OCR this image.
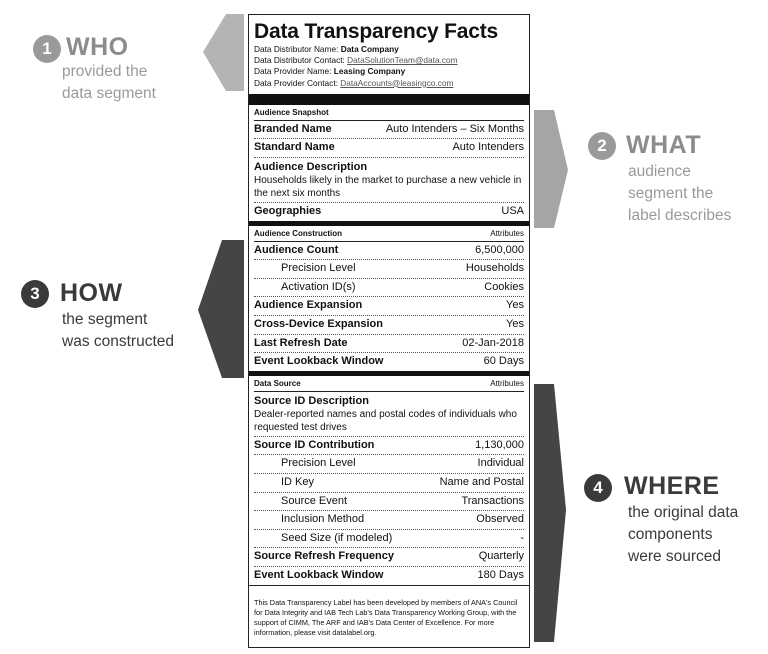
1 WHO
provided the
data segment
2 WHAT
audience
segment the
label describes
3 HOW
the segment
was constructed
4 WHERE
the original data
components
were sourced
Data Transparency Facts
Data Distributor Name: Data Company
Data Distributor Contact: DataSolutionTeam@data.com
Data Provider Name: Leasing Company
Data Provider Contact: DataAccounts@leasingco.com
Audience Snapshot
Branded Name	Auto Intenders – Six Months
Standard Name	Auto Intenders
Audience Description
Households likely in the market to purchase a new vehicle in the next six months
Geographies	USA
Audience Construction	Attributes
Audience Count	6,500,000
Precision Level	Households
Activation ID(s)	Cookies
Audience Expansion	Yes
Cross-Device Expansion	Yes
Last Refresh Date	02-Jan-2018
Event Lookback Window	60 Days
Data Source	Attributes
Source ID Description
Dealer-reported names and postal codes of individuals who requested test drives
Source ID Contribution	1,130,000
Precision Level	Individual
ID Key	Name and Postal
Source Event	Transactions
Inclusion Method	Observed
Seed Size (if modeled)	-
Source Refresh Frequency	Quarterly
Event Lookback Window	180 Days
This Data Transparency Label has been developed by members of ANA's Council for Data Integrity and IAB Tech Lab's Data Transparency Working Group, with the support of CIMM, The ARF and IAB's Data Center of Excellence. For more information, please visit datalabel.org.
